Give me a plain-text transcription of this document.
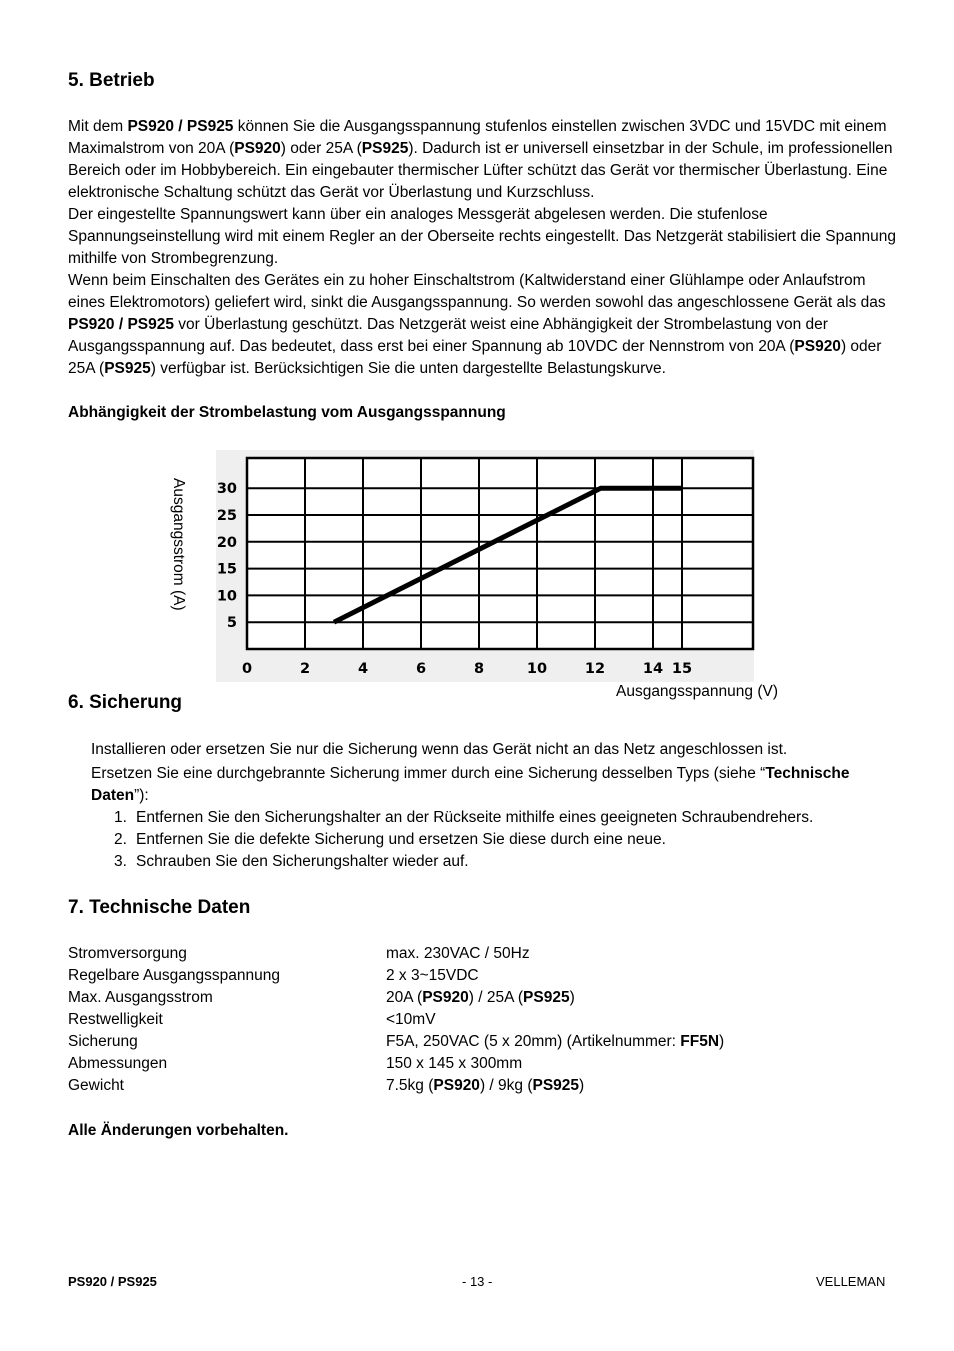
5. Betrieb

Mit dem PS920 / PS925 können Sie die Ausgangsspannung stufenlos einstellen zwischen 3VDC und 15VDC mit einem Maximalstrom von 20A (PS920) oder 25A (PS925). Dadurch ist er universell einsetzbar in der Schule, im professionellen Bereich oder im Hobbybereich. Ein eingebauter thermischer Lüfter schützt das Gerät vor thermischer Überlastung. Eine elektronische Schaltung schützt das Gerät vor Überlastung und Kurzschluss.

Der eingestellte Spannungswert kann über ein analoges Messgerät abgelesen werden. Die stufenlose Spannungseinstellung wird mit einem Regler an der Oberseite rechts eingestellt. Das Netzgerät stabilisiert die Spannung mithilfe von Strombegrenzung.

Wenn beim Einschalten des Gerätes ein zu hoher Einschaltstrom (Kaltwiderstand einer Glühlampe oder Anlaufstrom eines Elektromotors) geliefert wird, sinkt die Ausgangsspannung. So werden sowohl das angeschlossene Gerät als das PS920 / PS925 vor Überlastung geschützt. Das Netzgerät weist eine Abhängigkeit der Strombelastung von der Ausgangsspannung auf. Das bedeutet, dass erst bei einer Spannung ab 10VDC der Nennstrom von 20A (PS920) oder 25A (PS925) verfügbar ist. Berücksichtigen Sie die unten dargestellte Belastungskurve.

Abhängigkeit der Strombelastung vom Ausgangsspannung
0	2	4	6	8	10	12	14 15
5
10
15
20
25
30
Ausgangsstrom (A)
Ausgangsspannung (V)
6. Sicherung

Installieren oder ersetzen Sie nur die Sicherung wenn das Gerät nicht an das Netz angeschlossen ist.

Ersetzen Sie eine durchgebrannte Sicherung immer durch eine Sicherung desselben Typs (siehe “Technische Daten”):

1. Entfernen Sie den Sicherungshalter an der Rückseite mithilfe eines geeigneten Schraubendrehers.
2. Entfernen Sie die defekte Sicherung und ersetzen Sie diese durch eine neue.
3. Schrauben Sie den Sicherungshalter wieder auf.
7. Technische Daten
Stromversorgung	max. 230VAC / 50Hz
Regelbare Ausgangsspannung	2 x 3~15VDC
Max. Ausgangsstrom	20A (PS920) / 25A (PS925)
Restwelligkeit	<10mV
Sicherung	F5A, 250VAC (5 x 20mm) (Artikelnummer: FF5N)
Abmessungen	150 x 145 x 300mm
Gewicht	7.5kg (PS920) / 9kg (PS925)
Alle Änderungen vorbehalten.
PS920 / PS925	- 13 -	VELLEMAN
